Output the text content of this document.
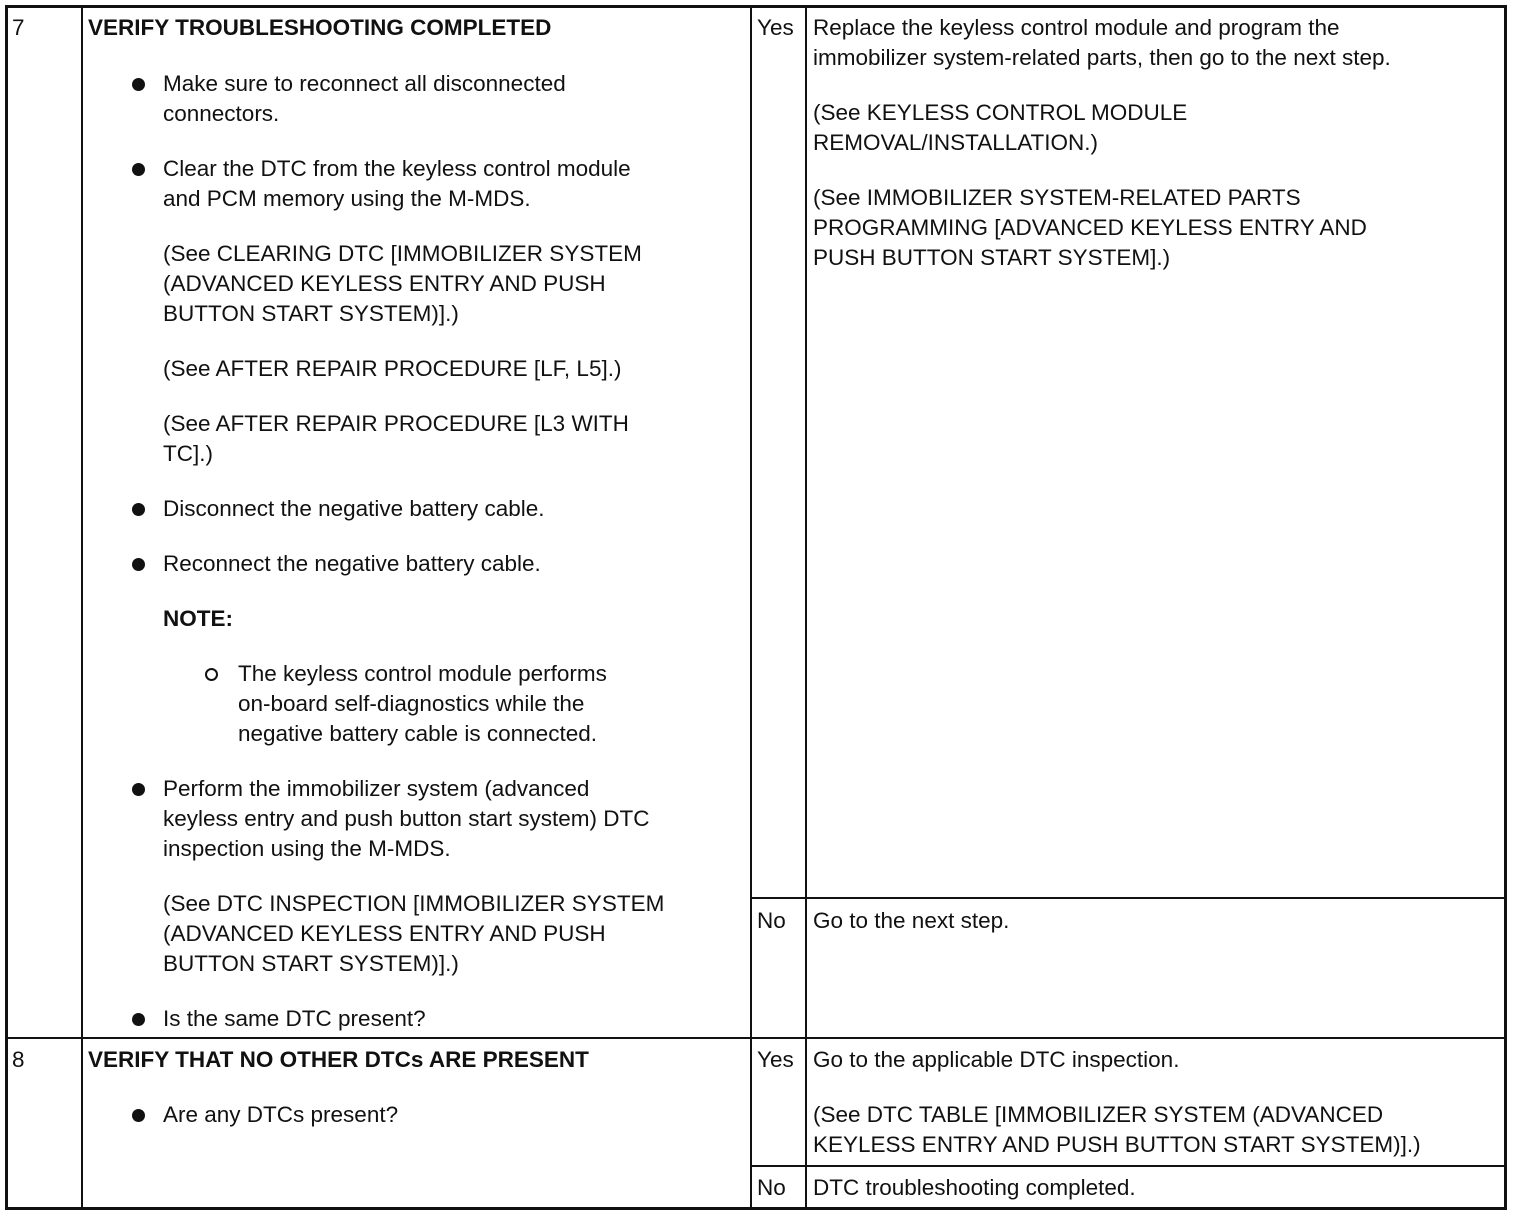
7	VERIFY TROUBLESHOOTING COMPLETED
Make sure to reconnect all disconnected
connectors.
Clear the DTC from the keyless control module
and PCM memory using the M-MDS.
(See CLEARING DTC [IMMOBILIZER SYSTEM
(ADVANCED KEYLESS ENTRY AND PUSH
BUTTON START SYSTEM)].)
(See AFTER REPAIR PROCEDURE [LF, L5].)
(See AFTER REPAIR PROCEDURE [L3 WITH
TC].)
Disconnect the negative battery cable.
Reconnect the negative battery cable.
NOTE:
The keyless control module performs
on-board self-diagnostics while the
negative battery cable is connected.
Perform the immobilizer system (advanced
keyless entry and push button start system) DTC
inspection using the M-MDS.
(See DTC INSPECTION [IMMOBILIZER SYSTEM
(ADVANCED KEYLESS ENTRY AND PUSH
BUTTON START SYSTEM)].)
Is the same DTC present?
Yes Replace the keyless control module and program the
immobilizer system-related parts, then go to the next step.
(See KEYLESS CONTROL MODULE
REMOVAL/INSTALLATION.)
(See IMMOBILIZER SYSTEM-RELATED PARTS
PROGRAMMING [ADVANCED KEYLESS ENTRY AND
PUSH BUTTON START SYSTEM].)
No Go to the next step.
8	VERIFY THAT NO OTHER DTCs ARE PRESENT
Are any DTCs present?
Yes Go to the applicable DTC inspection.
(See DTC TABLE [IMMOBILIZER SYSTEM (ADVANCED
KEYLESS ENTRY AND PUSH BUTTON START SYSTEM)].)
No DTC troubleshooting completed.
